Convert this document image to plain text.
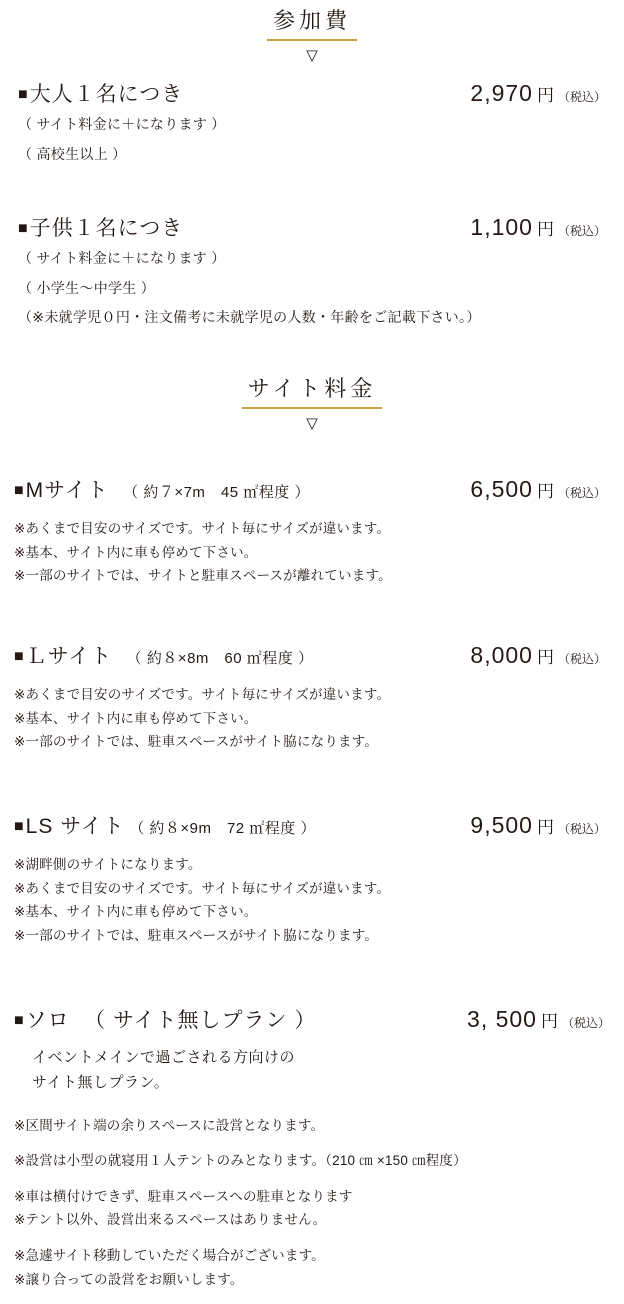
参加費
▽
■大人１名につき	2,970 円 （税込）
（ サイト料金に＋になります ）
（ 高校生以上 ）
■子供１名につき	1,100 円 （税込）
（ サイト料金に＋になります ）
（ 小学生〜中学生 ）
（※未就学児０円・注文備考に未就学児の人数・年齢をご記載下さい。）
サイト料金
▽
■Mサイト （ 約７×7m　45 ㎡程度 ）	6,500 円 （税込）
※あくまで目安のサイズです。サイト毎にサイズが違います。
※基本、サイト内に車も停めて下さい。
※一部のサイトでは、サイトと駐車スペースが離れています。
■Ｌサイト （ 約８×8m　60 ㎡程度 ）	8,000 円 （税込）
※あくまで目安のサイズです。サイト毎にサイズが違います。
※基本、サイト内に車も停めて下さい。
※一部のサイトでは、駐車スペースがサイト脇になります。
■LS サイト （ 約８×9m　72 ㎡程度 ）	9,500 円 （税込）
※湖畔側のサイトになります。
※あくまで目安のサイズです。サイト毎にサイズが違います。
※基本、サイト内に車も停めて下さい。
※一部のサイトでは、駐車スペースがサイト脇になります。
■ソロ （ サイト無しプラン ）	3, 500 円 （税込）
イベントメインで過ごされる方向けの
サイト無しプラン。
※区間サイト端の余りスペースに設営となります。
※設営は小型の就寝用１人テントのみとなります。（210 ㎝ ×150 ㎝程度）
※車は横付けできず、駐車スペースへの駐車となります
※テント以外、設営出来るスペースはありません。
※急遽サイト移動していただく場合がございます。
※譲り合っての設営をお願いします。
